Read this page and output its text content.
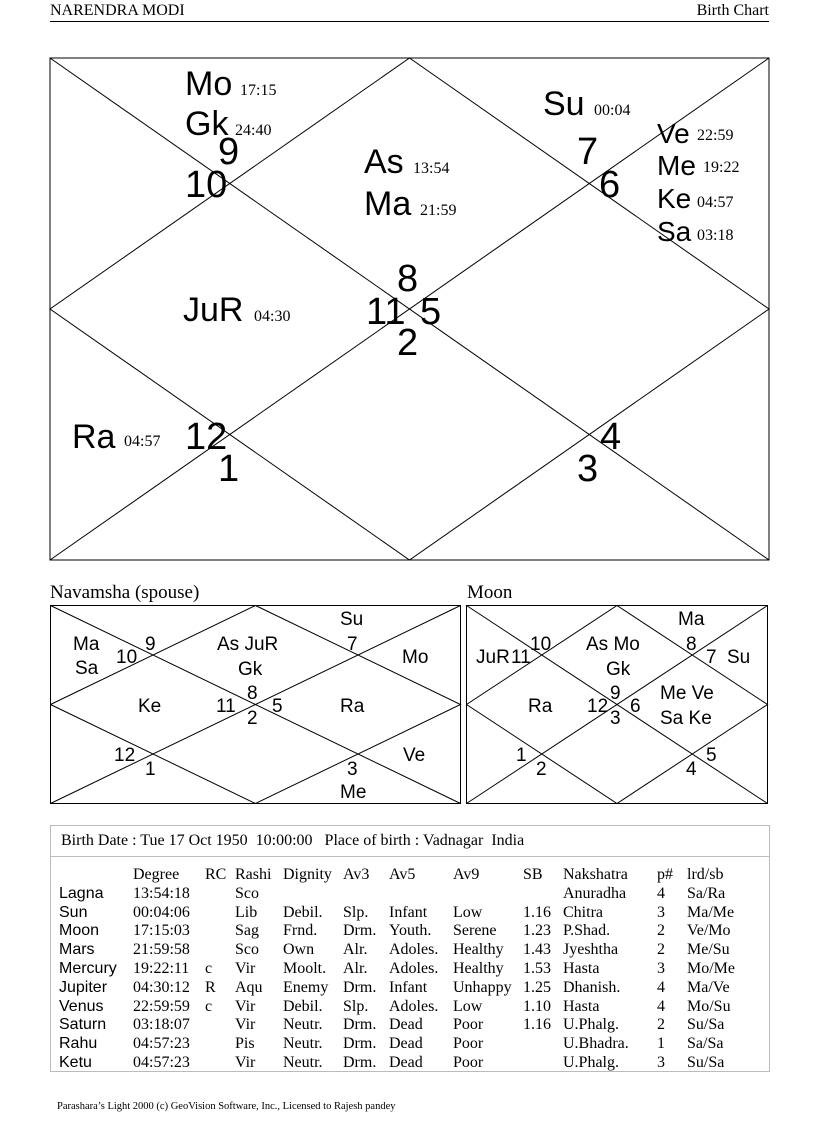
NARENDRA MODI	Birth Chart
11 5
8
2
10
9	7
6
12
1
4
3
Mo 17:15
Gk 24:40
Su 00:04
As 13:54
Ma 21:59
Ve 22:59
Me 19:22
Ke 04:57
Sa 03:18
JuR 04:30
Ra 04:57
Navamsha (spouse)	Moon
Ma
Sa
10
9	As JuR
Gk
Su
7
Mo
Ke	11
8
2
5	Ra
12
1	3
Me
Ve
JuR 11
10 As Mo
Gk
Ma
8
7 Su
Ra 12
9
3
6
Me Ve
Sa Ke
1
2	4
5
Birth Date : Tue 17 Oct 1950  10:00:00   Place of birth : Vadnagar  India
	Degree	RC	Rashi	Dignity	Av3	Av5	Av9	SB	Nakshatra	p#	lrd/sb
Lagna	13:54:18		Sco						Anuradha	4	Sa/Ra
Sun	00:04:06		Lib	Debil.	Slp.	Infant	Low	1.16	Chitra	3	Ma/Me
Moon	17:15:03		Sag	Frnd.	Drm.	Youth.	Serene	1.23	P.Shad.	2	Ve/Mo
Mars	21:59:58		Sco	Own	Alr.	Adoles.	Healthy	1.43	Jyeshtha	2	Me/Su
Mercury	19:22:11	c	Vir	Moolt.	Alr.	Adoles.	Healthy	1.53	Hasta	3	Mo/Me
Jupiter	04:30:12	R	Aqu	Enemy	Drm.	Infant	Unhappy	1.25	Dhanish.	4	Ma/Ve
Venus	22:59:59	c	Vir	Debil.	Slp.	Adoles.	Low	1.10	Hasta	4	Mo/Su
Saturn	03:18:07		Vir	Neutr.	Drm.	Dead	Poor	1.16	U.Phalg.	2	Su/Sa
Rahu	04:57:23		Pis	Neutr.	Drm.	Dead	Poor		U.Bhadra.	1	Sa/Sa
Ketu	04:57:23		Vir	Neutr.	Drm.	Dead	Poor		U.Phalg.	3	Su/Sa
Parashara’s Light 2000 (c) GeoVision Software, Inc., Licensed to Rajesh pandey
